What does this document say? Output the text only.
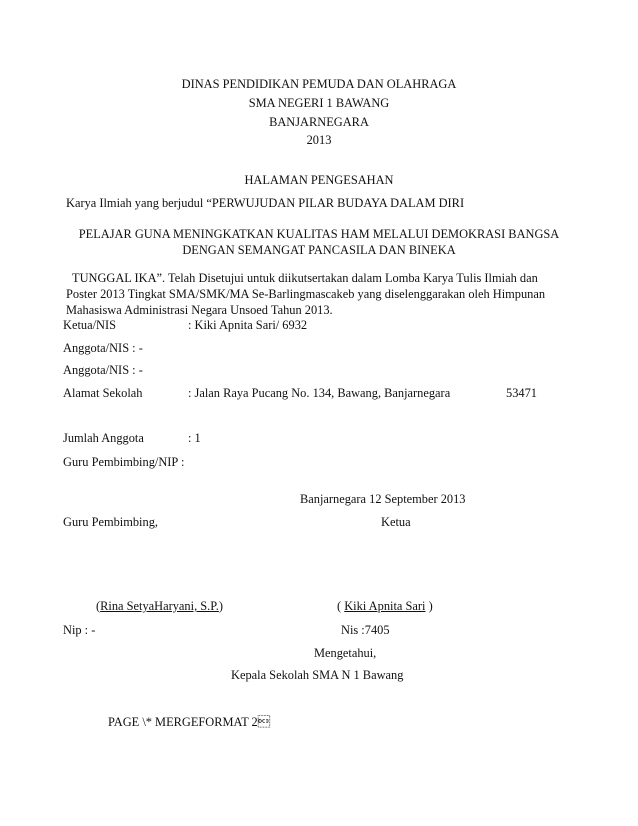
DINAS PENDIDIKAN PEMUDA DAN OLAHRAGA
SMA NEGERI 1 BAWANG
BANJARNEGARA
2013
HALAMAN PENGESAHAN
Karya Ilmiah yang berjudul “PERWUJUDAN PILAR BUDAYA DALAM DIRI
PELAJAR GUNA MENINGKATKAN KUALITAS HAM MELALUI DEMOKRASI BANGSA
DENGAN SEMANGAT PANCASILA DAN BINEKA
TUNGGAL IKA”. Telah Disetujui untuk diikutsertakan dalam Lomba Karya Tulis Ilmiah dan
Poster 2013 Tingkat SMA/SMK/MA Se-Barlingmascakeb yang diselenggarakan oleh Himpunan
Mahasiswa Administrasi Negara Unsoed Tahun 2013.
Ketua/NIS	: Kiki Apnita Sari/ 6932
Anggota/NIS : -
Anggota/NIS : -
Alamat Sekolah	: Jalan Raya Pucang No. 134, Bawang, Banjarnegara	53471
Jumlah Anggota	: 1
Guru Pembimbing/NIP :
Banjarnegara 12 September 2013
Guru Pembimbing,	Ketua
(Rina SetyaHaryani, S.P.)	( Kiki Apnita Sari )
Nip : -	Nis :7405
Mengetahui,
Kepala Sekolah SMA N 1 Bawang
PAGE \* MERGEFORMAT 2
